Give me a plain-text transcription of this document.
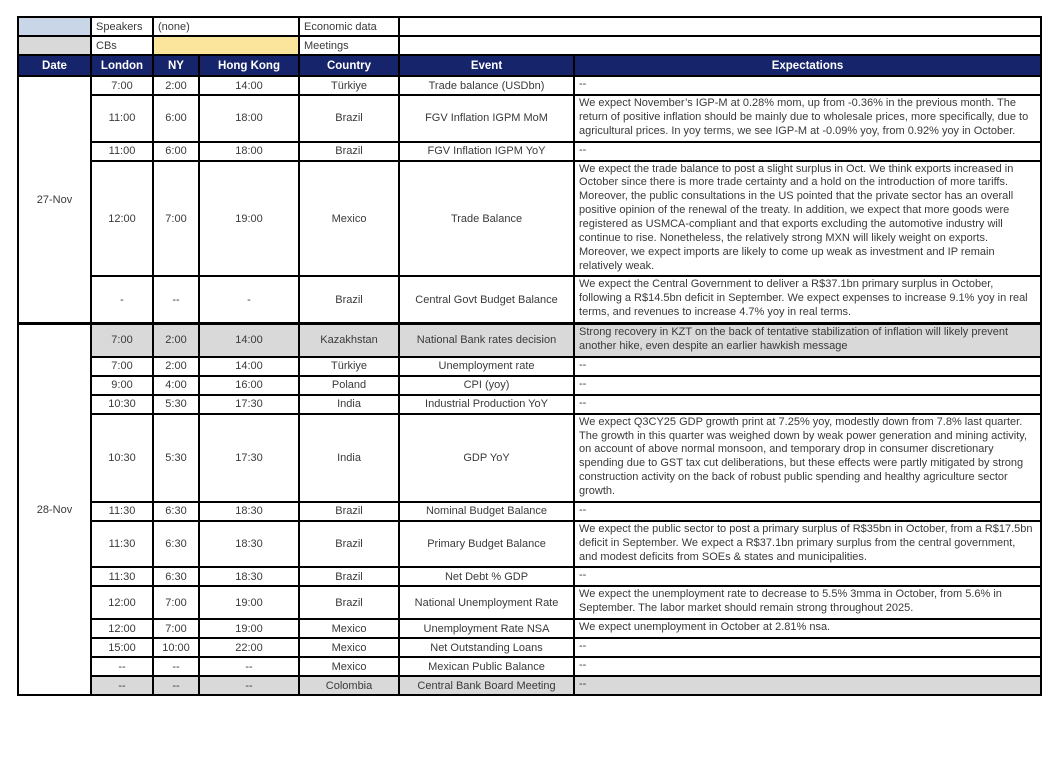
	Speakers	(none)		Economic data		
	CBs			Meetings		
Date	London	NY	Hong Kong	Country	Event	Expectations
27-Nov	7:00	2:00	14:00	Türkiye	Trade balance (USDbn)	--
	11:00	6:00	18:00	Brazil	FGV Inflation IGPM MoM	We expect November’s IGP-M at 0.28% mom, up from -0.36% in the previous month. The return of positive inflation should be mainly due to wholesale prices, more specifically, due to agricultural prices. In yoy terms, we see IGP-M at -0.09% yoy, from 0.92% yoy in October.
	11:00	6:00	18:00	Brazil	FGV Inflation IGPM YoY	--
	12:00	7:00	19:00	Mexico	Trade Balance	We expect the trade balance to post a slight surplus in Oct. We think exports increased in October since there is more trade certainty and a hold on the introduction of more tariffs. Moreover, the public consultations in the US pointed that the private sector has an overall positive opinion of the renewal of the treaty. In addition, we expect that more goods were registered as USMCA-compliant and that exports excluding the automotive industry will continue to rise. Nonetheless, the relatively strong MXN will likely weight on exports. Moreover, we expect imports are likely to come up weak as investment and IP remain relatively weak.
	-	--	-	Brazil	Central Govt Budget Balance	We expect the Central Government to deliver a R$37.1bn primary surplus in October, following a R$14.5bn deficit in September. We expect expenses to increase 9.1% yoy in real terms, and revenues to increase 4.7% yoy in real terms.
28-Nov	7:00	2:00	14:00	Kazakhstan	National Bank rates decision	Strong recovery in KZT on the back of tentative stabilization of inflation will likely prevent another hike, even despite an earlier hawkish message
	7:00	2:00	14:00	Türkiye	Unemployment rate	--
	9:00	4:00	16:00	Poland	CPI (yoy)	--
	10:30	5:30	17:30	India	Industrial Production YoY	--
	10:30	5:30	17:30	India	GDP YoY	We expect Q3CY25 GDP growth print at 7.25% yoy, modestly down from 7.8% last quarter. The growth in this quarter was weighed down by weak power generation and mining activity, on account of above normal monsoon, and temporary drop in consumer discretionary spending due to GST tax cut deliberations, but these effects were partly mitigated by strong construction activity on the back of robust public spending and healthy agriculture sector growth.
	11:30	6:30	18:30	Brazil	Nominal Budget Balance	--
	11:30	6:30	18:30	Brazil	Primary Budget Balance	We expect the public sector to post a primary surplus of R$35bn in October, from a R$17.5bn deficit in September. We expect a R$37.1bn primary surplus from the central government, and modest deficits from SOEs & states and municipalities.
	11:30	6:30	18:30	Brazil	Net Debt % GDP	--
	12:00	7:00	19:00	Brazil	National Unemployment Rate	We expect the unemployment rate to decrease to 5.5% 3mma in October, from 5.6% in September. The labor market should remain strong throughout 2025.
	12:00	7:00	19:00	Mexico	Unemployment Rate NSA	We expect unemployment in October at 2.81% nsa.
	15:00	10:00	22:00	Mexico	Net Outstanding Loans	--
	--	--	--	Mexico	Mexican Public Balance	--
	--	--	--	Colombia	Central Bank Board Meeting	--
